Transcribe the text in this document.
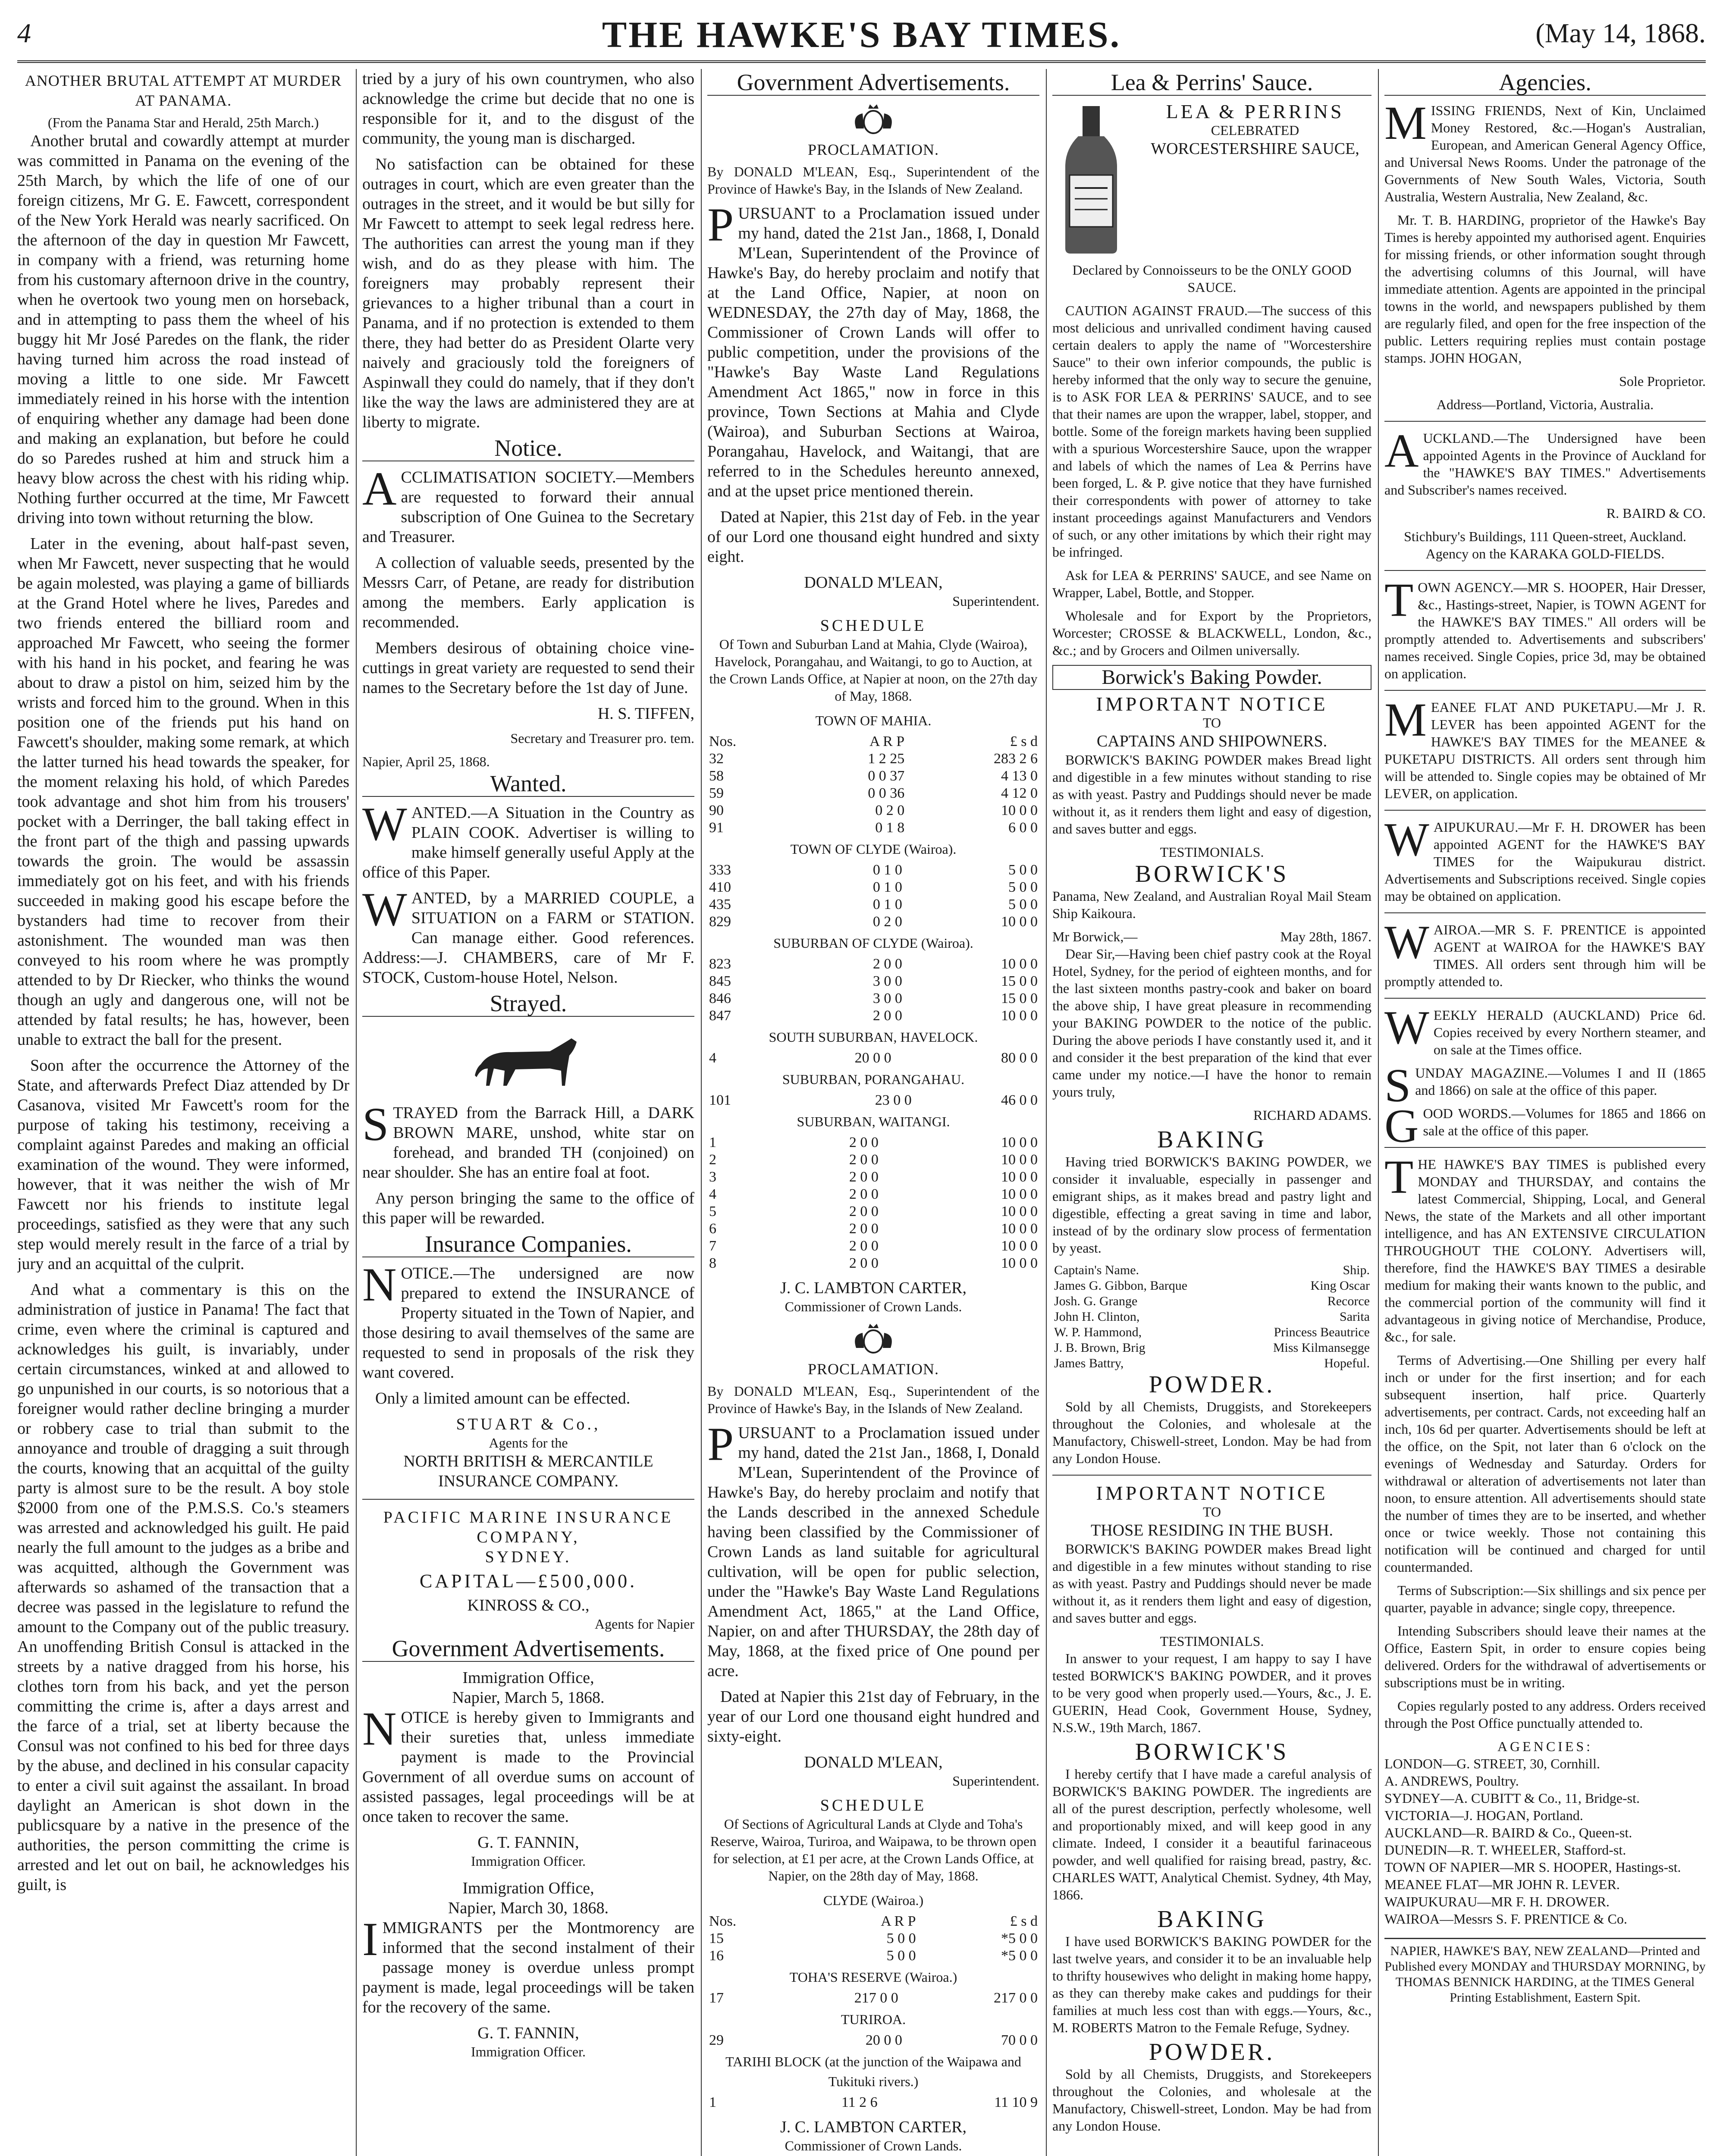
4	THE HAWKE'S BAY TIMES.	(May 14, 1868.
ANOTHER BRUTAL ATTEMPT AT MURDER AT PANAMA.
(From the Panama Star and Herald, 25th March.)

Another brutal and cowardly attempt at murder was committed in Panama on the evening of the 25th March, by which the life of one of our foreign citizens, Mr G. E. Fawcett, correspondent of the New York Herald was nearly sacrificed. On the afternoon of the day in question Mr Fawcett, in company with a friend, was returning home from his customary afternoon drive in the country, when he overtook two young men on horseback, and in attempting to pass them the wheel of his buggy hit Mr José Paredes on the flank, the rider having turned him across the road instead of moving a little to one side. Mr Fawcett immediately reined in his horse with the intention of enquiring whether any damage had been done and making an explanation, but before he could do so Paredes rushed at him and struck him a heavy blow across the chest with his riding whip. Nothing further occurred at the time, Mr Fawcett driving into town without returning the blow.

Later in the evening, about half-past seven, when Mr Fawcett, never suspecting that he would be again molested, was playing a game of billiards at the Grand Hotel where he lives, Paredes and two friends entered the billiard room and approached Mr Fawcett, who seeing the former with his hand in his pocket, and fearing he was about to draw a pistol on him, seized him by the wrists and forced him to the ground. When in this position one of the friends put his hand on Fawcett's shoulder, making some remark, at which the latter turned his head towards the speaker, for the moment relaxing his hold, of which Paredes took advantage and shot him from his trousers' pocket with a Derringer, the ball taking effect in the front part of the thigh and passing upwards towards the groin. The would be assassin immediately got on his feet, and with his friends succeeded in making good his escape before the bystanders had time to recover from their astonishment. The wounded man was then conveyed to his room where he was promptly attended to by Dr Riecker, who thinks the wound though an ugly and dangerous one, will not be attended by fatal results; he has, however, been unable to extract the ball for the present.

Soon after the occurrence the Attorney of the State, and afterwards Prefect Diaz attended by Dr Casanova, visited Mr Fawcett's room for the purpose of taking his testimony, receiving a complaint against Paredes and making an official examination of the wound. They were informed, however, that it was neither the wish of Mr Fawcett nor his friends to institute legal proceedings, satisfied as they were that any such step would merely result in the farce of a trial by jury and an acquittal of the culprit.

And what a commentary is this on the administration of justice in Panama! The fact that crime, even where the criminal is captured and acknowledges his guilt, is invariably, under certain circumstances, winked at and allowed to go unpunished in our courts, is so notorious that a foreigner would rather decline bringing a murder or robbery case to trial than submit to the annoyance and trouble of dragging a suit through the courts, knowing that an acquittal of the guilty party is almost sure to be the result. A boy stole $2000 from one of the P.M.S.S. Co.'s steamers was arrested and acknowledged his guilt. He paid nearly the full amount to the judges as a bribe and was acquitted, although the Government was afterwards so ashamed of the transaction that a decree was passed in the legislature to refund the amount to the Company out of the public treasury. An unoffending British Consul is attacked in the streets by a native dragged from his horse, his clothes torn from his back, and yet the person committing the crime is, after a days arrest and the farce of a trial, set at liberty because the Consul was not confined to his bed for three days by the abuse, and declined in his consular capacity to enter a civil suit against the assailant. In broad daylight an American is shot down in the publicsquare by a native in the presence of the authorities, the person committing the crime is arrested and let out on bail, he acknowledges his guilt, is

tried by a jury of his own countrymen, who also acknowledge the crime but decide that no one is responsible for it, and to the disgust of the community, the young man is discharged.

No satisfaction can be obtained for these outrages in court, which are even greater than the outrages in the street, and it would be but silly for Mr Fawcett to attempt to seek legal redress here. The authorities can arrest the young man if they wish, and do as they please with him. The foreigners may probably represent their grievances to a higher tribunal than a court in Panama, and if no protection is extended to them there, they had better do as President Olarte very naively and graciously told the foreigners of Aspinwall they could do namely, that if they don't like the way the laws are administered they are at liberty to migrate.

Notice.

ACCLIMATISATION SOCIETY.—Members are requested to forward their annual subscription of One Guinea to the Secretary and Treasurer.

A collection of valuable seeds, presented by the Messrs Carr, of Petane, are ready for distribution among the members. Early application is recommended.

Members desirous of obtaining choice vine-cuttings in great variety are requested to send their names to the Secretary before the 1st day of June.

H. S. TIFFEN,
Secretary and Treasurer pro. tem.
Napier, April 25, 1868.
Wanted.

WANTED.—A Situation in the Country as PLAIN COOK. Advertiser is willing to make himself generally useful Apply at the office of this Paper.

WANTED, by a MARRIED COUPLE, a SITUATION on a FARM or STATION. Can manage either. Good references. Address:—J. CHAMBERS, care of Mr F. STOCK, Custom-house Hotel, Nelson.

Strayed.

STRAYED from the Barrack Hill, a DARK BROWN MARE, unshod, white star on forehead, and branded TH (conjoined) on near shoulder. She has an entire foal at foot.

Any person bringing the same to the office of this paper will be rewarded.

Insurance Companies.

NOTICE.—The undersigned are now prepared to extend the INSURANCE of Property situated in the Town of Napier, and those desiring to avail themselves of the same are requested to send in proposals of the risk they want covered.

Only a limited amount can be effected.

STUART & Co.,
Agents for the
NORTH BRITISH & MERCANTILE INSURANCE COMPANY.
PACIFIC MARINE INSURANCE COMPANY,
SYDNEY.
CAPITAL—£500,000.
KINROSS & CO.,
Agents for Napier
Government Advertisements.
Immigration Office,
Napier, March 5, 1868.

NOTICE is hereby given to Immigrants and their sureties that, unless immediate payment is made to the Provincial Government of all overdue sums on account of assisted passages, legal proceedings will be at once taken to recover the same.

G. T. FANNIN,
Immigration Officer.
Immigration Office,
Napier, March 30, 1868.

IMMIGRANTS per the Montmorency are informed that the second instalment of their passage money is overdue unless prompt payment is made, legal proceedings will be taken for the recovery of the same.

G. T. FANNIN,
Immigration Officer.
Government Advertisements.
PROCLAMATION.

By DONALD M'LEAN, Esq., Superintendent of the Province of Hawke's Bay, in the Islands of New Zealand.

PURSUANT to a Proclamation issued under my hand, dated the 21st Jan., 1868, I, Donald M'Lean, Superintendent of the Province of Hawke's Bay, do hereby proclaim and notify that at the Land Office, Napier, at noon on WEDNESDAY, the 27th day of May, 1868, the Commissioner of Crown Lands will offer to public competition, under the provisions of the "Hawke's Bay Waste Land Regulations Amendment Act 1865," now in force in this province, Town Sections at Mahia and Clyde (Wairoa), and Suburban Sections at Wairoa, Porangahau, Havelock, and Waitangi, that are referred to in the Schedules hereunto annexed, and at the upset price mentioned therein.

Dated at Napier, this 21st day of Feb. in the year of our Lord one thousand eight hundred and sixty eight.

DONALD M'LEAN,
Superintendent.
SCHEDULE

Of Town and Suburban Land at Mahia, Clyde (Wairoa), Havelock, Porangahau, and Waitangi, to go to Auction, at the Crown Lands Office, at Napier at noon, on the 27th day of May, 1868.

TOWN OF MAHIA.
Nos.	A R P	£ s d
32	1 2 25	283 2 6
58	0 0 37	4 13 0
59	0 0 36	4 12 0
90	0 2 0	10 0 0
91	0 1 8	6 0 0
TOWN OF CLYDE (Wairoa).
333	0 1 0	5 0 0
410	0 1 0	5 0 0
435	0 1 0	5 0 0
829	0 2 0	10 0 0
SUBURBAN OF CLYDE (Wairoa).
823	2 0 0	10 0 0
845	3 0 0	15 0 0
846	3 0 0	15 0 0
847	2 0 0	10 0 0
SOUTH SUBURBAN, HAVELOCK.
4	20 0 0	80 0 0
SUBURBAN, PORANGAHAU.
101	23 0 0	46 0 0
SUBURBAN, WAITANGI.
1	2 0 0	10 0 0
2	2 0 0	10 0 0
3	2 0 0	10 0 0
4	2 0 0	10 0 0
5	2 0 0	10 0 0
6	2 0 0	10 0 0
7	2 0 0	10 0 0
8	2 0 0	10 0 0
J. C. LAMBTON CARTER,
Commissioner of Crown Lands.
PROCLAMATION.

By DONALD M'LEAN, Esq., Superintendent of the Province of Hawke's Bay, in the Islands of New Zealand.

PURSUANT to a Proclamation issued under my hand, dated the 21st Jan., 1868, I, Donald M'Lean, Superintendent of the Province of Hawke's Bay, do hereby proclaim and notify that the Lands described in the annexed Schedule having been classified by the Commissioner of Crown Lands as land suitable for agricultural cultivation, will be open for public selection, under the "Hawke's Bay Waste Land Regulations Amendment Act, 1865," at the Land Office, Napier, on and after THURSDAY, the 28th day of May, 1868, at the fixed price of One pound per acre.

Dated at Napier this 21st day of February, in the year of our Lord one thousand eight hundred and sixty-eight.

DONALD M'LEAN,
Superintendent.
SCHEDULE

Of Sections of Agricultural Lands at Clyde and Toha's Reserve, Wairoa, Turiroa, and Waipawa, to be thrown open for selection, at £1 per acre, at the Crown Lands Office, at Napier, on the 28th day of May, 1868.

CLYDE (Wairoa.)
Nos.	A R P	£ s d
15	5 0 0	*5 0 0
16	5 0 0	*5 0 0
TOHA'S RESERVE (Wairoa.)
17	217 0 0	217 0 0
TURIROA.
29	20 0 0	70 0 0
TARIHI BLOCK (at the junction of the Waipawa and Tukituki rivers.)
1	11 2 6	11 10 9
J. C. LAMBTON CARTER,
Commissioner of Crown Lands.
Lea & Perrins' Sauce.
LEA & PERRINS
CELEBRATED
WORCESTERSHIRE SAUCE,

Declared by Connoisseurs to be the ONLY GOOD SAUCE.

CAUTION AGAINST FRAUD.—The success of this most delicious and unrivalled condiment having caused certain dealers to apply the name of "Worcestershire Sauce" to their own inferior compounds, the public is hereby informed that the only way to secure the genuine, is to ASK FOR LEA & PERRINS' SAUCE, and to see that their names are upon the wrapper, label, stopper, and bottle. Some of the foreign markets having been supplied with a spurious Worcestershire Sauce, upon the wrapper and labels of which the names of Lea & Perrins have been forged, L. & P. give notice that they have furnished their correspondents with power of attorney to take instant proceedings against Manufacturers and Vendors of such, or any other imitations by which their right may be infringed.

Ask for LEA & PERRINS' SAUCE, and see Name on Wrapper, Label, Bottle, and Stopper.

Wholesale and for Export by the Proprietors, Worcester; CROSSE & BLACKWELL, London, &c., &c.; and by Grocers and Oilmen universally.

Borwick's Baking Powder.
IMPORTANT NOTICE
TO
CAPTAINS AND SHIPOWNERS.

BORWICK'S BAKING POWDER makes Bread light and digestible in a few minutes without standing to rise as with yeast. Pastry and Puddings should never be made without it, as it renders them light and easy of digestion, and saves butter and eggs.

TESTIMONIALS.
BORWICK'S

Panama, New Zealand, and Australian Royal Mail Steam Ship Kaikoura.

Mr Borwick,—	May 28th, 1867.

Dear Sir,—Having been chief pastry cook at the Royal Hotel, Sydney, for the period of eighteen months, and for the last sixteen months pastry-cook and baker on board the above ship, I have great pleasure in recommending your BAKING POWDER to the notice of the public. During the above periods I have constantly used it, and it and consider it the best preparation of the kind that ever came under my notice.—I have the honor to remain yours truly,

RICHARD ADAMS.
BAKING

Having tried BORWICK'S BAKING POWDER, we consider it invaluable, especially in passenger and emigrant ships, as it makes bread and pastry light and digestible, effecting a great saving in time and labor, instead of by the ordinary slow process of fermentation by yeast.

Captain's Name.	Ship.
James G. Gibbon, Barque	King Oscar
Josh. G. Grange	Recorce
John H. Clinton,	Sarita
W. P. Hammond,	Princess Beautrice
J. B. Brown, Brig	Miss Kilmansegge
James Battry,	Hopeful.
POWDER.

Sold by all Chemists, Druggists, and Storekeepers throughout the Colonies, and wholesale at the Manufactory, Chiswell-street, London. May be had from any London House.

IMPORTANT NOTICE
TO
THOSE RESIDING IN THE BUSH.

BORWICK'S BAKING POWDER makes Bread light and digestible in a few minutes without standing to rise as with yeast. Pastry and Puddings should never be made without it, as it renders them light and easy of digestion, and saves butter and eggs.

TESTIMONIALS.

In answer to your request, I am happy to say I have tested BORWICK'S BAKING POWDER, and it proves to be very good when properly used.—Yours, &c., J. E. GUERIN, Head Cook, Government House, Sydney, N.S.W., 19th March, 1867.

BORWICK'S

I hereby certify that I have made a careful analysis of BORWICK'S BAKING POWDER. The ingredients are all of the purest description, perfectly wholesome, well and proportionably mixed, and will keep good in any climate. Indeed, I consider it a beautiful farinaceous powder, and well qualified for raising bread, pastry, &c. CHARLES WATT, Analytical Chemist. Sydney, 4th May, 1866.

BAKING

I have used BORWICK'S BAKING POWDER for the last twelve years, and consider it to be an invaluable help to thrifty housewives who delight in making home happy, as they can thereby make cakes and puddings for their families at much less cost than with eggs.—Yours, &c., M. ROBERTS Matron to the Female Refuge, Sydney.

POWDER.

Sold by all Chemists, Druggists, and Storekeepers throughout the Colonies, and wholesale at the Manufactory, Chiswell-street, London. May be had from any London House.

Agencies.

MISSING FRIENDS, Next of Kin, Unclaimed Money Restored, &c.—Hogan's Australian, European, and American General Agency Office, and Universal News Rooms. Under the patronage of the Governments of New South Wales, Victoria, South Australia, Western Australia, New Zealand, &c.

Mr. T. B. HARDING, proprietor of the Hawke's Bay Times is hereby appointed my authorised agent. Enquiries for missing friends, or other information sought through the advertising columns of this Journal, will have immediate attention. Agents are appointed in the principal towns in the world, and newspapers published by them are regularly filed, and open for the free inspection of the public. Letters requiring replies must contain postage stamps. JOHN HOGAN,

Sole Proprietor.
Address—Portland, Victoria, Australia.

AUCKLAND.—The Undersigned have been appointed Agents in the Province of Auckland for the "HAWKE'S BAY TIMES." Advertisements and Subscriber's names received.

R. BAIRD & CO.
Stichbury's Buildings, 111 Queen-street, Auckland.
Agency on the KARAKA GOLD-FIELDS.

TOWN AGENCY.—MR S. HOOPER, Hair Dresser, &c., Hastings-street, Napier, is TOWN AGENT for the HAWKE'S BAY TIMES." All orders will be promptly attended to. Advertisements and subscribers' names received. Single Copies, price 3d, may be obtained on application.

MEANEE FLAT AND PUKETAPU.—Mr J. R. LEVER has been appointed AGENT for the HAWKE'S BAY TIMES for the MEANEE & PUKETAPU DISTRICTS. All orders sent through him will be attended to. Single copies may be obtained of Mr LEVER, on application.

WAIPUKURAU.—Mr F. H. DROWER has been appointed AGENT for the HAWKE'S BAY TIMES for the Waipukurau district. Advertisements and Subscriptions received. Single copies may be obtained on application.

WAIROA.—MR S. F. PRENTICE is appointed AGENT at WAIROA for the HAWKE'S BAY TIMES. All orders sent through him will be promptly attended to.

WEEKLY HERALD (AUCKLAND) Price 6d. Copies received by every Northern steamer, and on sale at the Times office.

SUNDAY MAGAZINE.—Volumes I and II (1865 and 1866) on sale at the office of this paper.

GOOD WORDS.—Volumes for 1865 and 1866 on sale at the office of this paper.

THE HAWKE'S BAY TIMES is published every MONDAY and THURSDAY, and contains the latest Commercial, Shipping, Local, and General News, the state of the Markets and all other important intelligence, and has AN EXTENSIVE CIRCULATION THROUGHOUT THE COLONY. Advertisers will, therefore, find the HAWKE'S BAY TIMES a desirable medium for making their wants known to the public, and the commercial portion of the community will find it advantageous in giving notice of Merchandise, Produce, &c., for sale.

Terms of Advertising.—One Shilling per every half inch or under for the first insertion; and for each subsequent insertion, half price. Quarterly advertisements, per contract. Cards, not exceeding half an inch, 10s 6d per quarter. Advertisements should be left at the office, on the Spit, not later than 6 o'clock on the evenings of Wednesday and Saturday. Orders for withdrawal or alteration of advertisements not later than noon, to ensure attention. All advertisements should state the number of times they are to be inserted, and whether once or twice weekly. Those not containing this notification will be continued and charged for until countermanded.

Terms of Subscription:—Six shillings and six pence per quarter, payable in advance; single copy, threepence.

Intending Subscribers should leave their names at the Office, Eastern Spit, in order to ensure copies being delivered. Orders for the withdrawal of advertisements or subscriptions must be in writing.

Copies regularly posted to any address. Orders received through the Post Office punctually attended to.

AGENCIES:
LONDON—G. STREET, 30, Cornhill.
A. ANDREWS, Poultry.
SYDNEY—A. CUBITT & Co., 11, Bridge-st.
VICTORIA—J. HOGAN, Portland.
AUCKLAND—R. BAIRD & Co., Queen-st.
DUNEDIN—R. T. WHEELER, Stafford-st.
TOWN OF NAPIER—MR S. HOOPER, Hastings-st.
MEANEE FLAT—MR JOHN R. LEVER.
WAIPUKURAU—MR F. H. DROWER.
WAIROA—Messrs S. F. PRENTICE & Co.
NAPIER, HAWKE'S BAY, NEW ZEALAND—Printed and Published every MONDAY and THURSDAY MORNING, by THOMAS BENNICK HARDING, at the TIMES General Printing Establishment, Eastern Spit.
